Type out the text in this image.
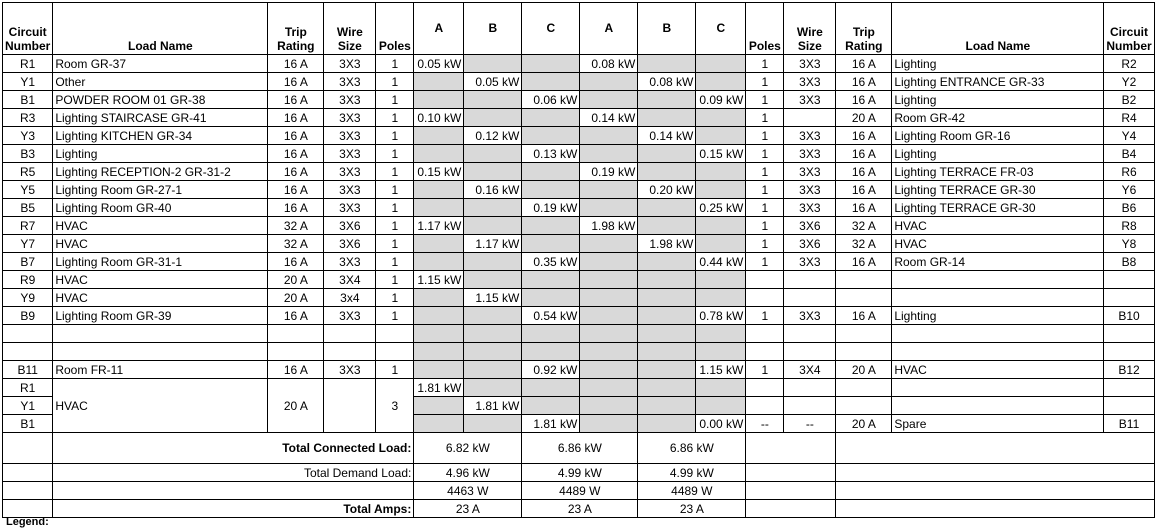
Circuit Number	Load Name	Trip Rating	Wire Size	Poles	A	B	C	A	B	C	Poles	Wire Size	Trip Rating	Load Name	Circuit Number
R1	Room GR-37	16 A	3X3	1	0.05 kW			0.08 kW			1	3X3	16 A	Lighting	R2
Y1	Other	16 A	3X3	1		0.05 kW			0.08 kW		1	3X3	16 A	Lighting ENTRANCE GR-33	Y2
B1	POWDER ROOM 01 GR-38	16 A	3X3	1			0.06 kW			0.09 kW	1	3X3	16 A	Lighting	B2
R3	Lighting STAIRCASE GR-41	16 A	3X3	1	0.10 kW			0.14 kW			1		20 A	Room GR-42	R4
Y3	Lighting KITCHEN GR-34	16 A	3X3	1		0.12 kW			0.14 kW		1	3X3	16 A	Lighting Room GR-16	Y4
B3	Lighting	16 A	3X3	1			0.13 kW			0.15 kW	1	3X3	16 A	Lighting	B4
R5	Lighting RECEPTION-2 GR-31-2	16 A	3X3	1	0.15 kW			0.19 kW			1	3X3	16 A	Lighting TERRACE FR-03	R6
Y5	Lighting Room GR-27-1	16 A	3X3	1		0.16 kW			0.20 kW		1	3X3	16 A	Lighting TERRACE GR-30	Y6
B5	Lighting Room GR-40	16 A	3X3	1			0.19 kW			0.25 kW	1	3X3	16 A	Lighting TERRACE GR-30	B6
R7	HVAC	32 A	3X6	1	1.17 kW			1.98 kW			1	3X6	32 A	HVAC	R8
Y7	HVAC	32 A	3X6	1		1.17 kW			1.98 kW		1	3X6	32 A	HVAC	Y8
B7	Lighting Room GR-31-1	16 A	3X3	1			0.35 kW			0.44 kW	1	3X3	16 A	Room GR-14	B8
R9	HVAC	20 A	3X4	1	1.15 kW										
Y9	HVAC	20 A	3x4	1		1.15 kW									
B9	Lighting Room GR-39	16 A	3X3	1			0.54 kW			0.78 kW	1	3X3	16 A	Lighting	B10

B11	Room FR-11	16 A	3X3	1			0.92 kW			1.15 kW	1	3X4	20 A	HVAC	B12
R1	HVAC	20 A		3	1.81 kW										
Y1						1.81 kW									
B1							1.81 kW			0.00 kW	--	--	20 A	Spare	B11
	Total Connected Load:				6.82 kW		6.86 kW		6.86 kW						
	Total Demand Load:				4.96 kW		4.99 kW		4.99 kW						
					4463 W		4489 W		4489 W						
	Total Amps:				23 A		23 A		23 A						
Legend:
